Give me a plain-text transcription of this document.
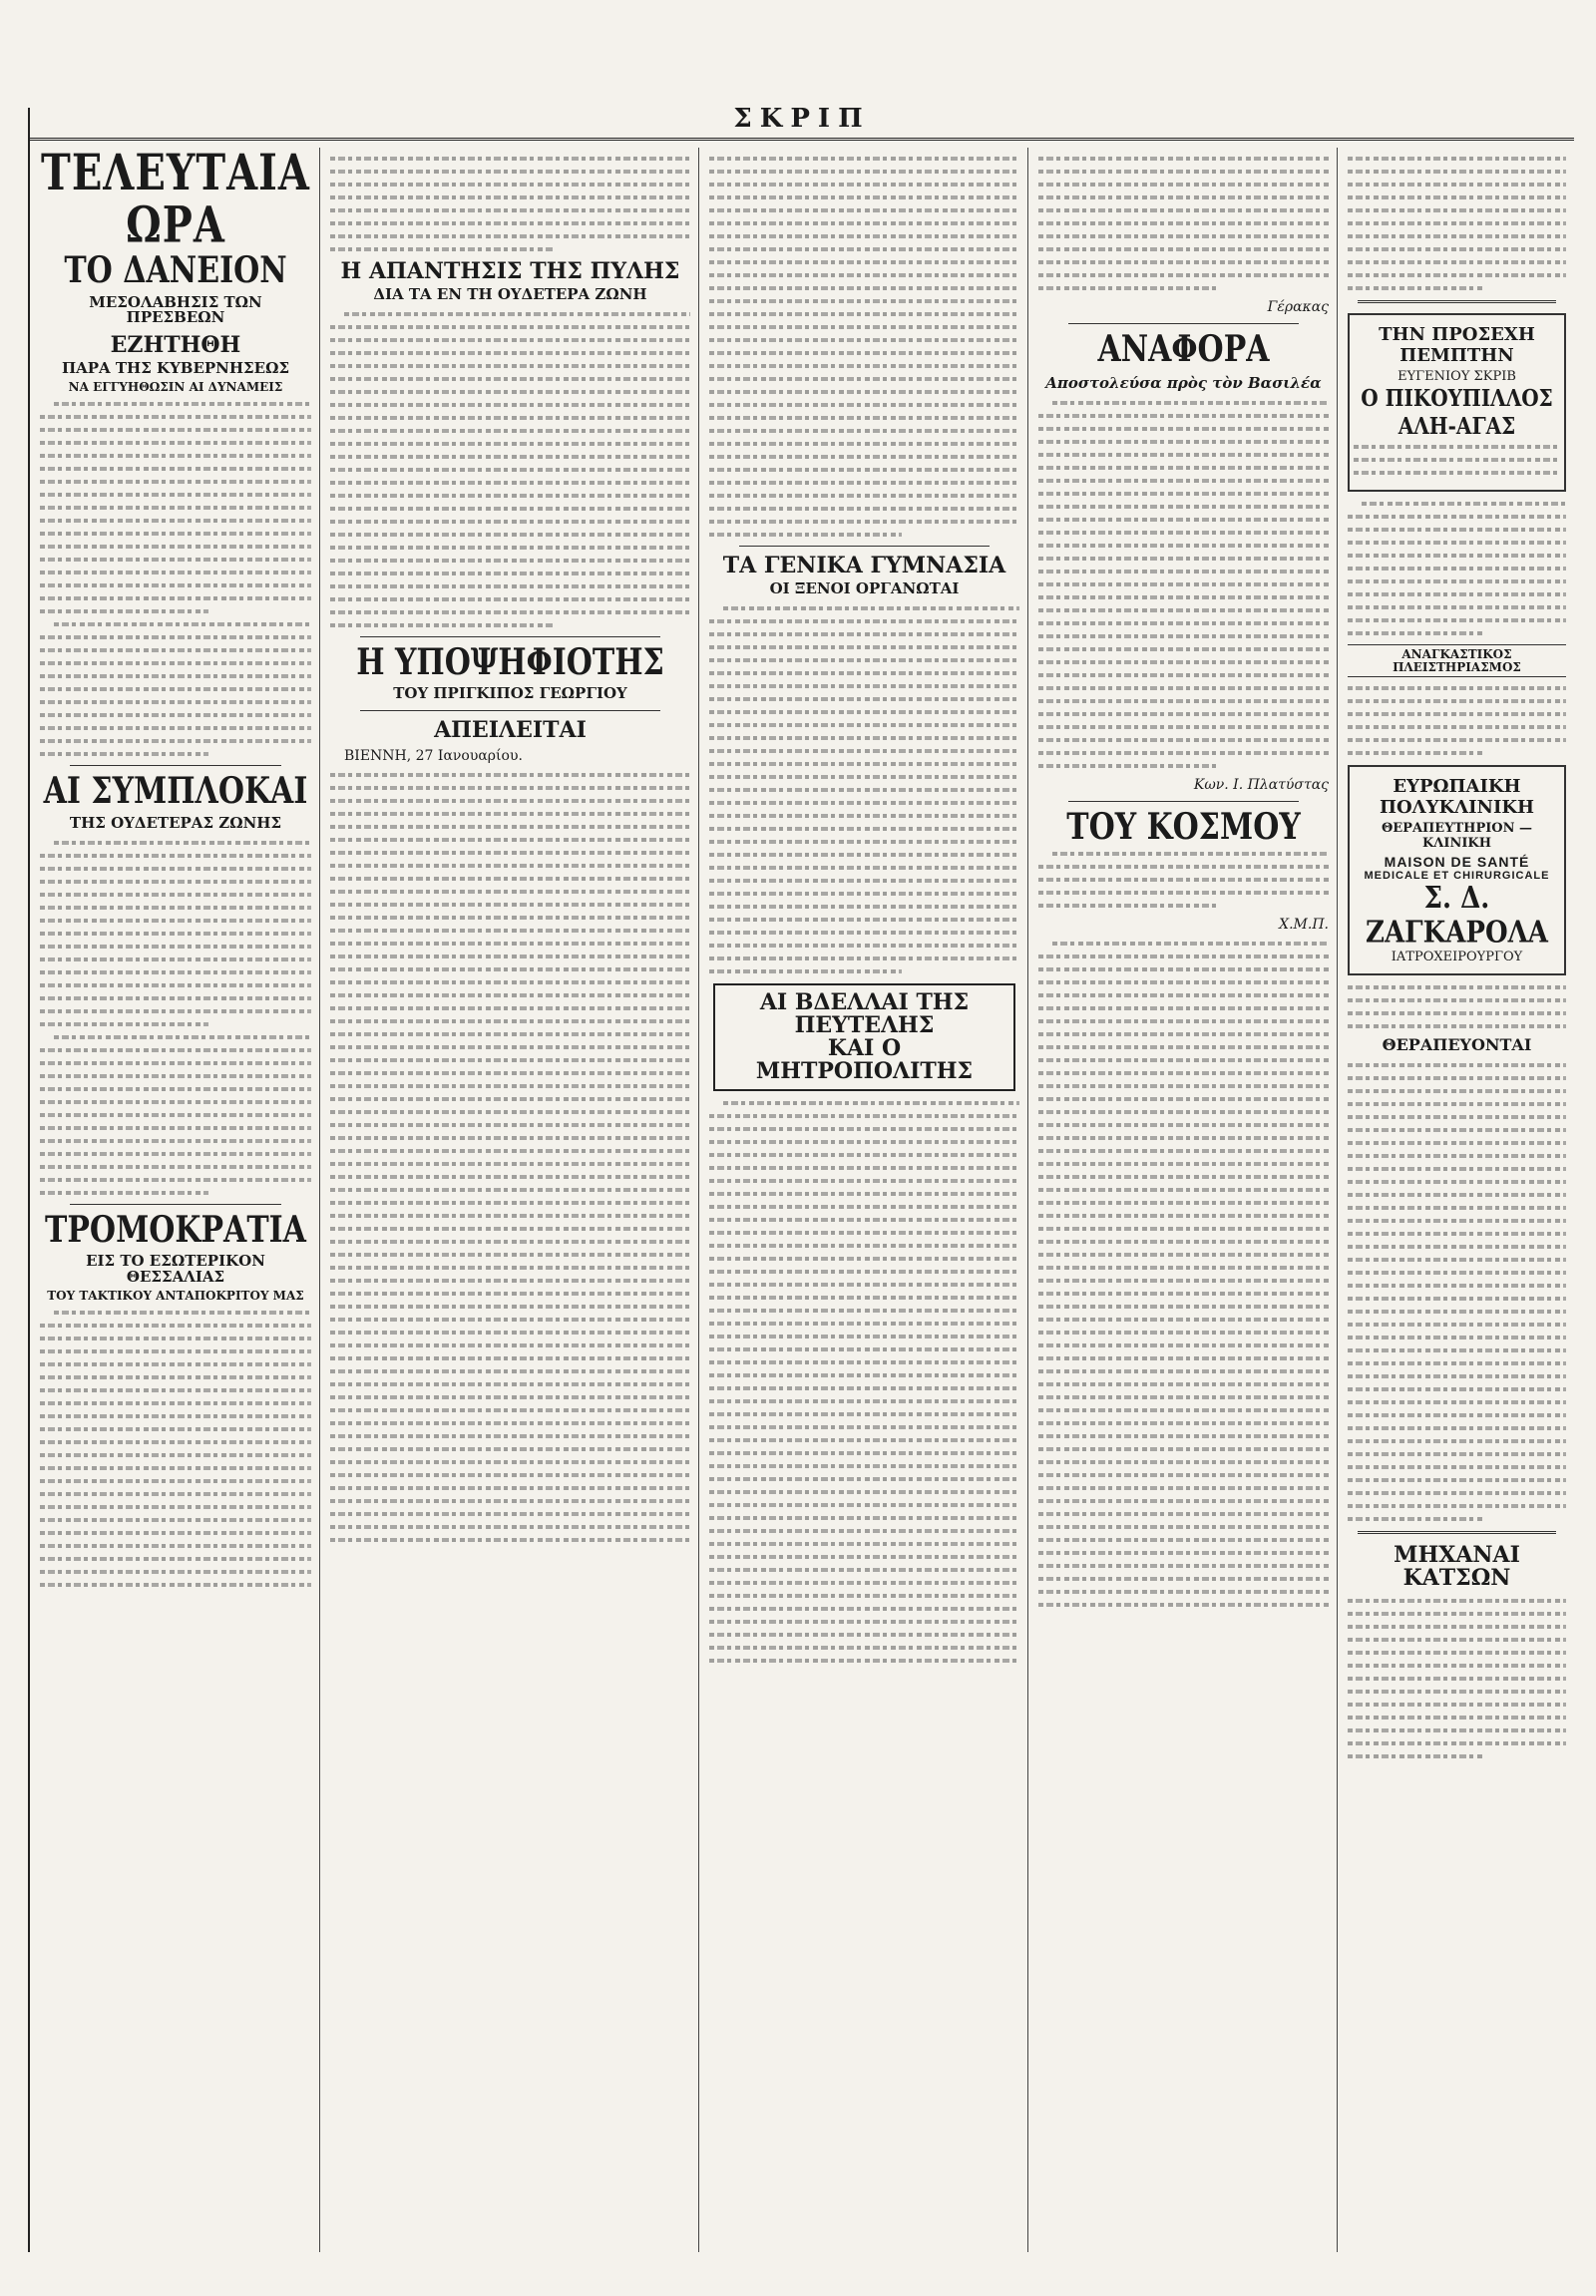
ΣΚΡΙΠ
ΤΕΛΕΥΤΑΙΑ ΩΡΑ
ΤΟ ΔΑΝΕΙΟΝ
ΜΕΣΟΛΑΒΗΣΙΣ ΤΩΝ ΠΡΕΣΒΕΩΝ
ΕΖΗΤΗΘΗ
ΠΑΡΑ ΤΗΣ ΚΥΒΕΡΝΗΣΕΩΣ
ΝΑ ΕΓΓΥΗΘΩΣΙΝ ΑΙ ΔΥΝΑΜΕΙΣ
ΑΙ ΣΥΜΠΛΟΚΑΙ
ΤΗΣ ΟΥΔΕΤΕΡΑΣ ΖΩΝΗΣ
ΤΡΟΜΟΚΡΑΤΙΑ
ΕΙΣ ΤΟ ΕΣΩΤΕΡΙΚΟΝ ΘΕΣΣΑΛΙΑΣ
ΤΟΥ ΤΑΚΤΙΚΟΥ ΑΝΤΑΠΟΚΡΙΤΟΥ ΜΑΣ
Η ΑΠΑΝΤΗΣΙΣ ΤΗΣ ΠΥΛΗΣ
ΔΙΑ ΤΑ ΕΝ ΤΗ ΟΥΔΕΤΕΡΑ ΖΩΝΗ
Η ΥΠΟΨΗΦΙΟΤΗΣ
ΤΟΥ ΠΡΙΓΚΙΠΟΣ ΓΕΩΡΓΙΟΥ
ΑΠΕΙΛΕΙΤΑΙ
ΒΙΕΝΝΗ, 27 Ιανουαρίου.
ΤΑ ΓΕΝΙΚΑ ΓΥΜΝΑΣΙΑ
ΟΙ ΞΕΝΟΙ ΟΡΓΑΝΩΤΑΙ
ΑΙ ΒΔΕΛΛΑΙ ΤΗΣ ΠΕΥΤΕΛΗΣ
ΚΑΙ Ο ΜΗΤΡΟΠΟΛΙΤΗΣ
Γέρακας
ΑΝΑΦΟΡΑ
Αποστολεύσα πρὸς τὸν Βασιλέα
Κων. Ι. Πλατύστας
ΤΟΥ ΚΟΣΜΟΥ
Χ.Μ.Π.
ΤΗΝ ΠΡΟΣΕΧΗ ΠΕΜΠΤΗΝ
ΕΥΓΕΝΙΟΥ ΣΚΡΙΒ
Ο ΠΙΚΟΥΠΙΛΛΟΣ ΑΛΗ-ΑΓΑΣ
ΑΝΑΓΚΑΣΤΙΚΟΣ ΠΛΕΙΣΤΗΡΙΑΣΜΟΣ
ΕΥΡΩΠΑΙΚΗ ΠΟΛΥΚΛΙΝΙΚΗ
ΘΕΡΑΠΕΥΤΗΡΙΟΝ — ΚΛΙΝΙΚΗ
MAISON DE SANTÉ
MEDICALE ET CHIRURGICALE
Σ. Δ. ΖΑΓΚΑΡΟΛΑ
ΙΑΤΡΟΧΕΙΡΟΥΡΓΟΥ
ΘΕΡΑΠΕΥΟΝΤΑΙ
ΜΗΧΑΝΑΙ ΚΑΤΣΩΝ
